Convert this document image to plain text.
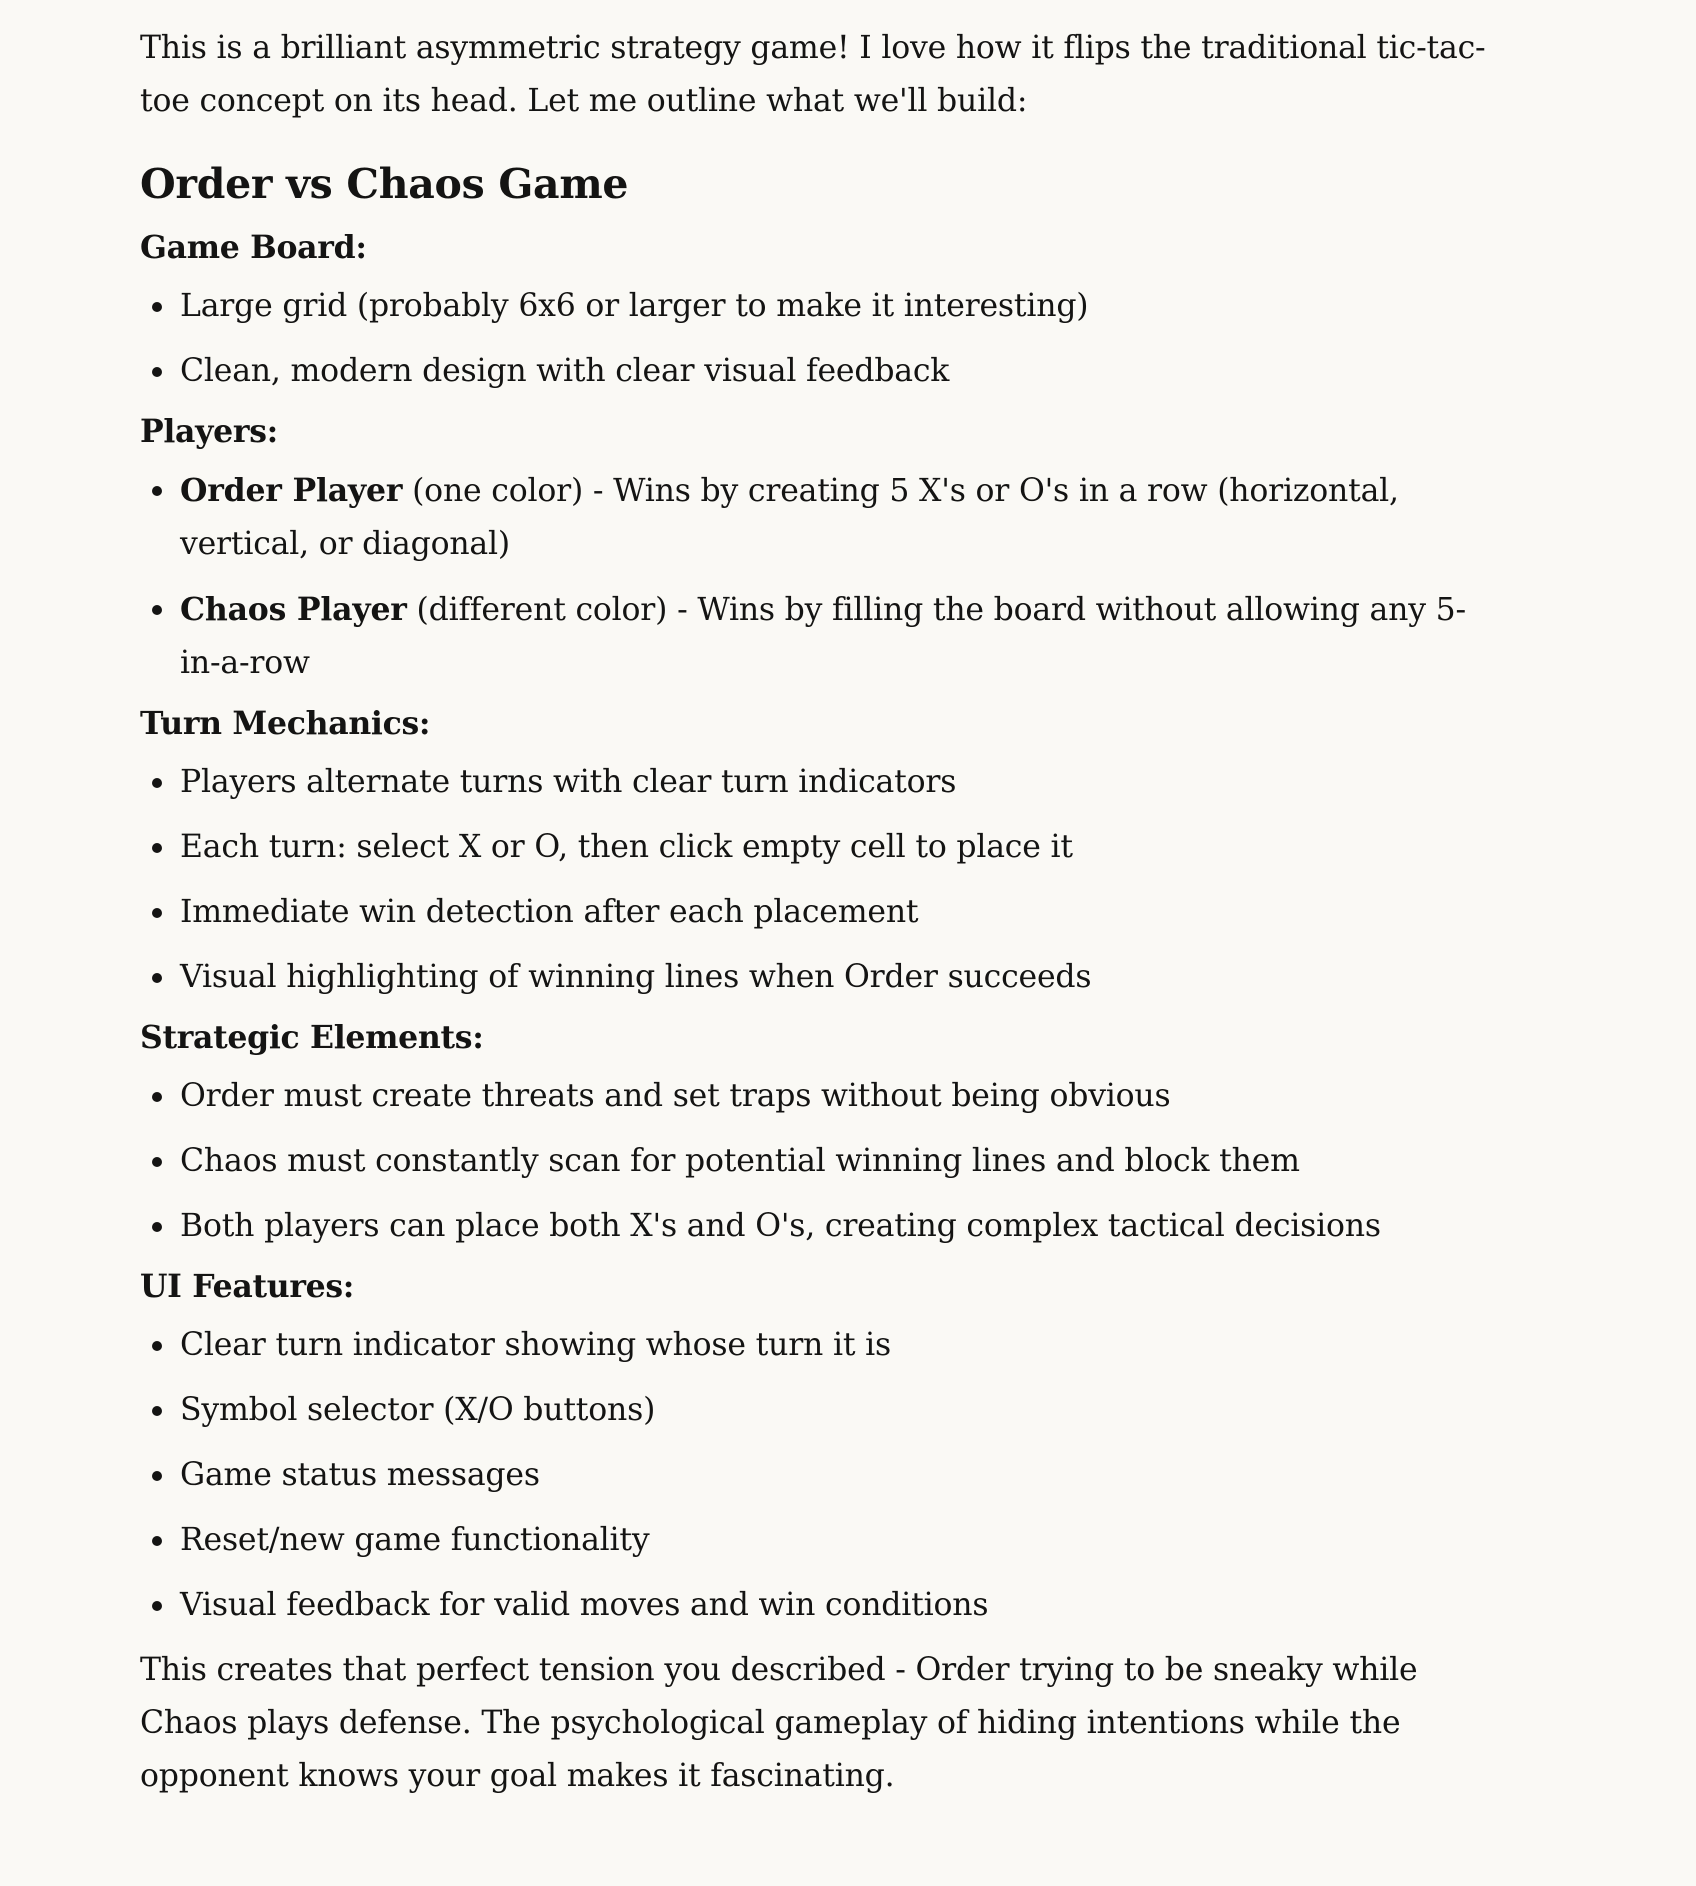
This is a brilliant asymmetric strategy game! I love how it flips the traditional tic-tac-toe concept on its head. Let me outline what we'll build:

Order vs Chaos Game
Game Board:
Large grid (probably 6x6 or larger to make it interesting)
Clean, modern design with clear visual feedback
Players:
Order Player (one color) - Wins by creating 5 X's or O's in a row (horizontal, vertical, or diagonal)
Chaos Player (different color) - Wins by filling the board without allowing any 5-in-a-row
Turn Mechanics:
Players alternate turns with clear turn indicators
Each turn: select X or O, then click empty cell to place it
Immediate win detection after each placement
Visual highlighting of winning lines when Order succeeds
Strategic Elements:
Order must create threats and set traps without being obvious
Chaos must constantly scan for potential winning lines and block them
Both players can place both X's and O's, creating complex tactical decisions
UI Features:
Clear turn indicator showing whose turn it is
Symbol selector (X/O buttons)
Game status messages
Reset/new game functionality
Visual feedback for valid moves and win conditions

This creates that perfect tension you described - Order trying to be sneaky while Chaos plays defense. The psychological gameplay of hiding intentions while the opponent knows your goal makes it fascinating.
